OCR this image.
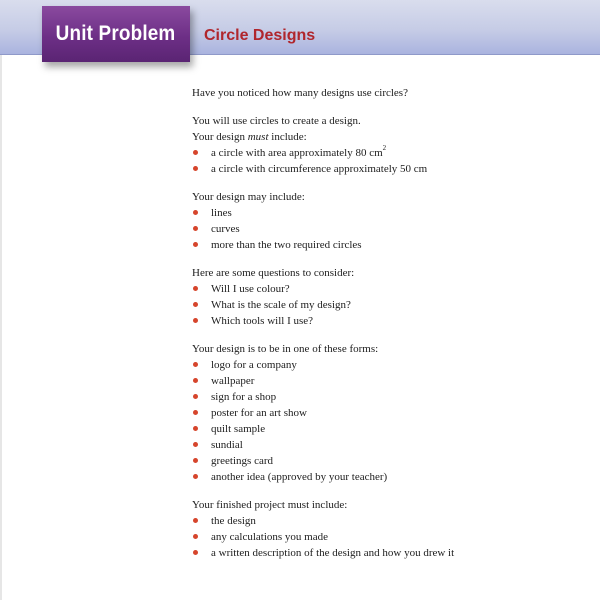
Unit Problem Circle Designs

Have you noticed how many designs use circles?

You will use circles to create a design.

Your design must include:

a circle with area approximately 80 $cm^2$
a circle with circumference approximately 50 cm

Your design may include:

lines
curves
more than the two required circles

Here are some questions to consider:

Will I use colour?
What is the scale of my design?
Which tools will I use?

Your design is to be in one of these forms:

logo for a company
wallpaper
sign for a shop
poster for an art show
quilt sample
sundial
greetings card
another idea (approved by your teacher)

Your finished project must include:

the design
any calculations you made
a written description of the design and how you drew it
